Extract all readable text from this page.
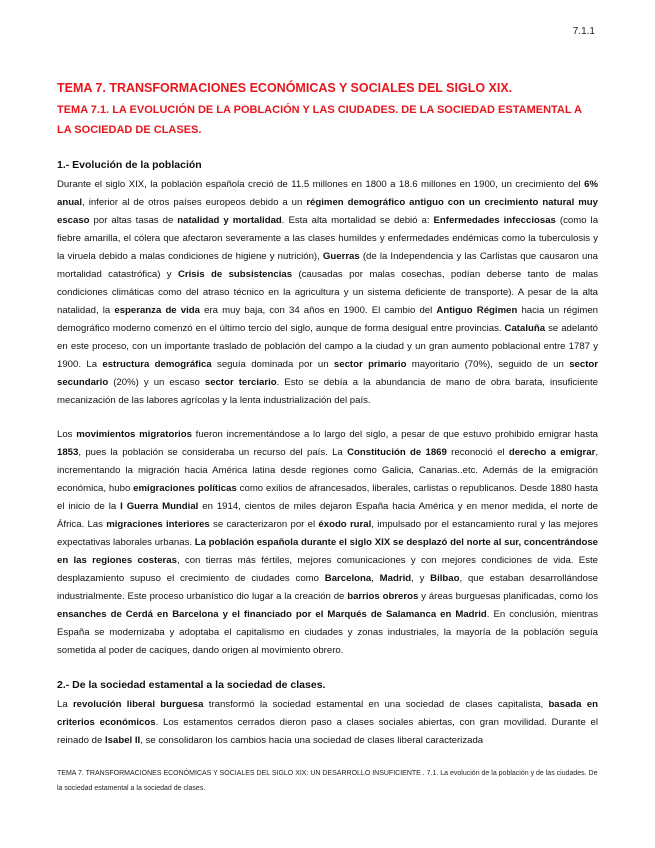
7.1.1
TEMA 7. TRANSFORMACIONES ECONÓMICAS Y SOCIALES DEL SIGLO XIX.
TEMA 7.1. LA EVOLUCIÓN DE LA POBLACIÓN Y LAS CIUDADES. DE LA SOCIEDAD ESTAMENTAL A LA SOCIEDAD DE CLASES.
1.- Evolución de la población

Durante el siglo XIX, la población española creció de 11.5 millones en 1800 a 18.6 millones en 1900, un crecimiento del 6% anual, inferior al de otros países europeos debido a un régimen demográfico antiguo con un crecimiento natural muy escaso por altas tasas de natalidad y mortalidad. Esta alta mortalidad se debió a: Enfermedades infecciosas (como la fiebre amarilla, el cólera que afectaron severamente a las clases humildes y enfermedades endémicas como la tuberculosis y la viruela debido a malas condiciones de higiene y nutrición), Guerras (de la Independencia y las Carlistas que causaron una mortalidad catastrófica) y Crisis de subsistencias (causadas por malas cosechas, podían deberse tanto de malas condiciones climáticas como del atraso técnico en la agricultura y un sistema deficiente de transporte). A pesar de la alta natalidad, la esperanza de vida era muy baja, con 34 años en 1900. El cambio del Antiguo Régimen hacia un régimen demográfico moderno comenzó en el último tercio del siglo, aunque de forma desigual entre provincias. Cataluña se adelantó en este proceso, con un importante traslado de población del campo a la ciudad y un gran aumento poblacional entre 1787 y 1900. La estructura demográfica seguía dominada por un sector primario mayoritario (70%), seguido de un sector secundario (20%) y un escaso sector terciario. Esto se debía a la abundancia de mano de obra barata, insuficiente mecanización de las labores agrícolas y la lenta industrialización del país.

Los movimientos migratorios fueron incrementándose a lo largo del siglo, a pesar de que estuvo prohibido emigrar hasta 1853, pues la población se consideraba un recurso del país. La Constitución de 1869 reconoció el derecho a emigrar, incrementando la migración hacia América latina desde regiones como Galicia, Canarias..etc. Además de la emigración económica, hubo emigraciones políticas como exilios de afrancesados, liberales, carlistas o republicanos. Desde 1880 hasta el inicio de la I Guerra Mundial en 1914, cientos de miles dejaron España hacia América y en menor medida, el norte de África. Las migraciones interiores se caracterizaron por el éxodo rural, impulsado por el estancamiento rural y las mejores expectativas laborales urbanas. La población española durante el siglo XIX se desplazó del norte al sur, concentrándose en las regiones costeras, con tierras más fértiles, mejores comunicaciones y con mejores condiciones de vida. Este desplazamiento supuso el crecimiento de ciudades como Barcelona, Madrid, y Bilbao, que estaban desarrollándose industrialmente. Este proceso urbanístico dio lugar a la creación de barrios obreros y áreas burguesas planificadas, como los ensanches de Cerdá en Barcelona y el financiado por el Marqués de Salamanca en Madrid. En conclusión, mientras España se modernizaba y adoptaba el capitalismo en ciudades y zonas industriales, la mayoría de la población seguía sometida al poder de caciques, dando origen al movimiento obrero.

2.- De la sociedad estamental a la sociedad de clases.

La revolución liberal burguesa transformó la sociedad estamental en una sociedad de clases capitalista, basada en criterios económicos. Los estamentos cerrados dieron paso a clases sociales abiertas, con gran movilidad. Durante el reinado de Isabel II, se consolidaron los cambios hacia una sociedad de clases liberal caracterizada

TEMA 7. TRANSFORMACIONES ECONÓMICAS Y SOCIALES DEL SIGLO XIX: UN DESARROLLO INSUFICIENTE . 7.1. La evolución de la población y de las ciudades. De la sociedad estamental a la sociedad de clases.
